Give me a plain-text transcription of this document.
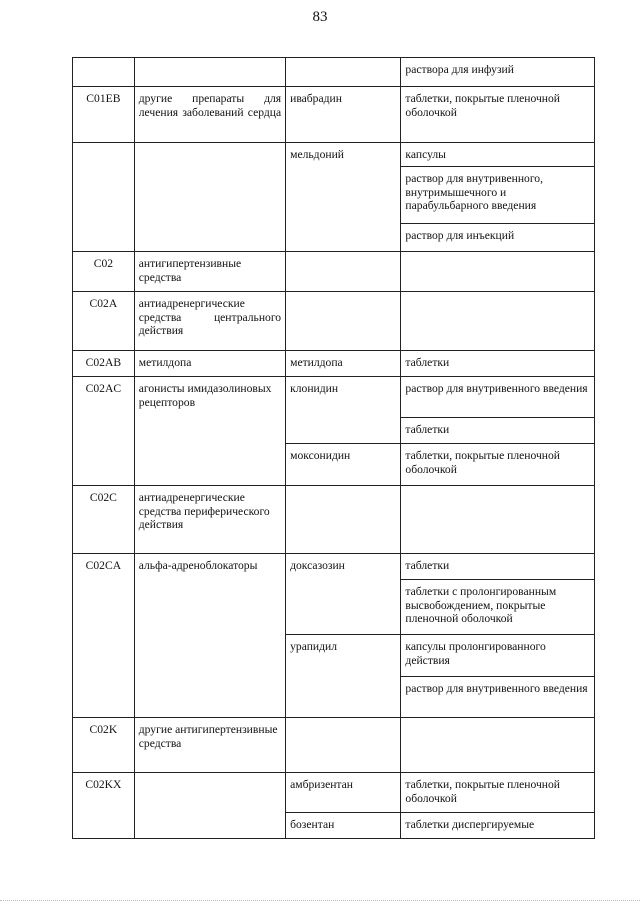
83
			раствора для инфузий
C01EB	другие препараты для лечения заболеваний сердца	ивабрадин	таблетки, покрытые пленочной оболочкой
		мельдоний	капсулы
			раствор для внутривенного, внутримышечного и парабульбарного введения
			раствор для инъекций
C02	антигипертензивные средства		
C02A	антиадренергические средства центрального действия		
C02AB	метилдопа	метилдопа	таблетки
C02AC	агонисты имидазолиновых рецепторов	клонидин	раствор для внутривенного введения
			таблетки
		моксонидин	таблетки, покрытые пленочной оболочкой
C02C	антиадренергические средства периферического действия		
C02CA	альфа-адреноблокаторы	доксазозин	таблетки
			таблетки с пролонгированным высвобождением, покрытые пленочной оболочкой
		урапидил	капсулы пролонгированного действия
			раствор для внутривенного введения
C02K	другие антигипертензивные средства		
C02KX		амбризентан	таблетки, покрытые пленочной оболочкой
		бозентан	таблетки диспергируемые
